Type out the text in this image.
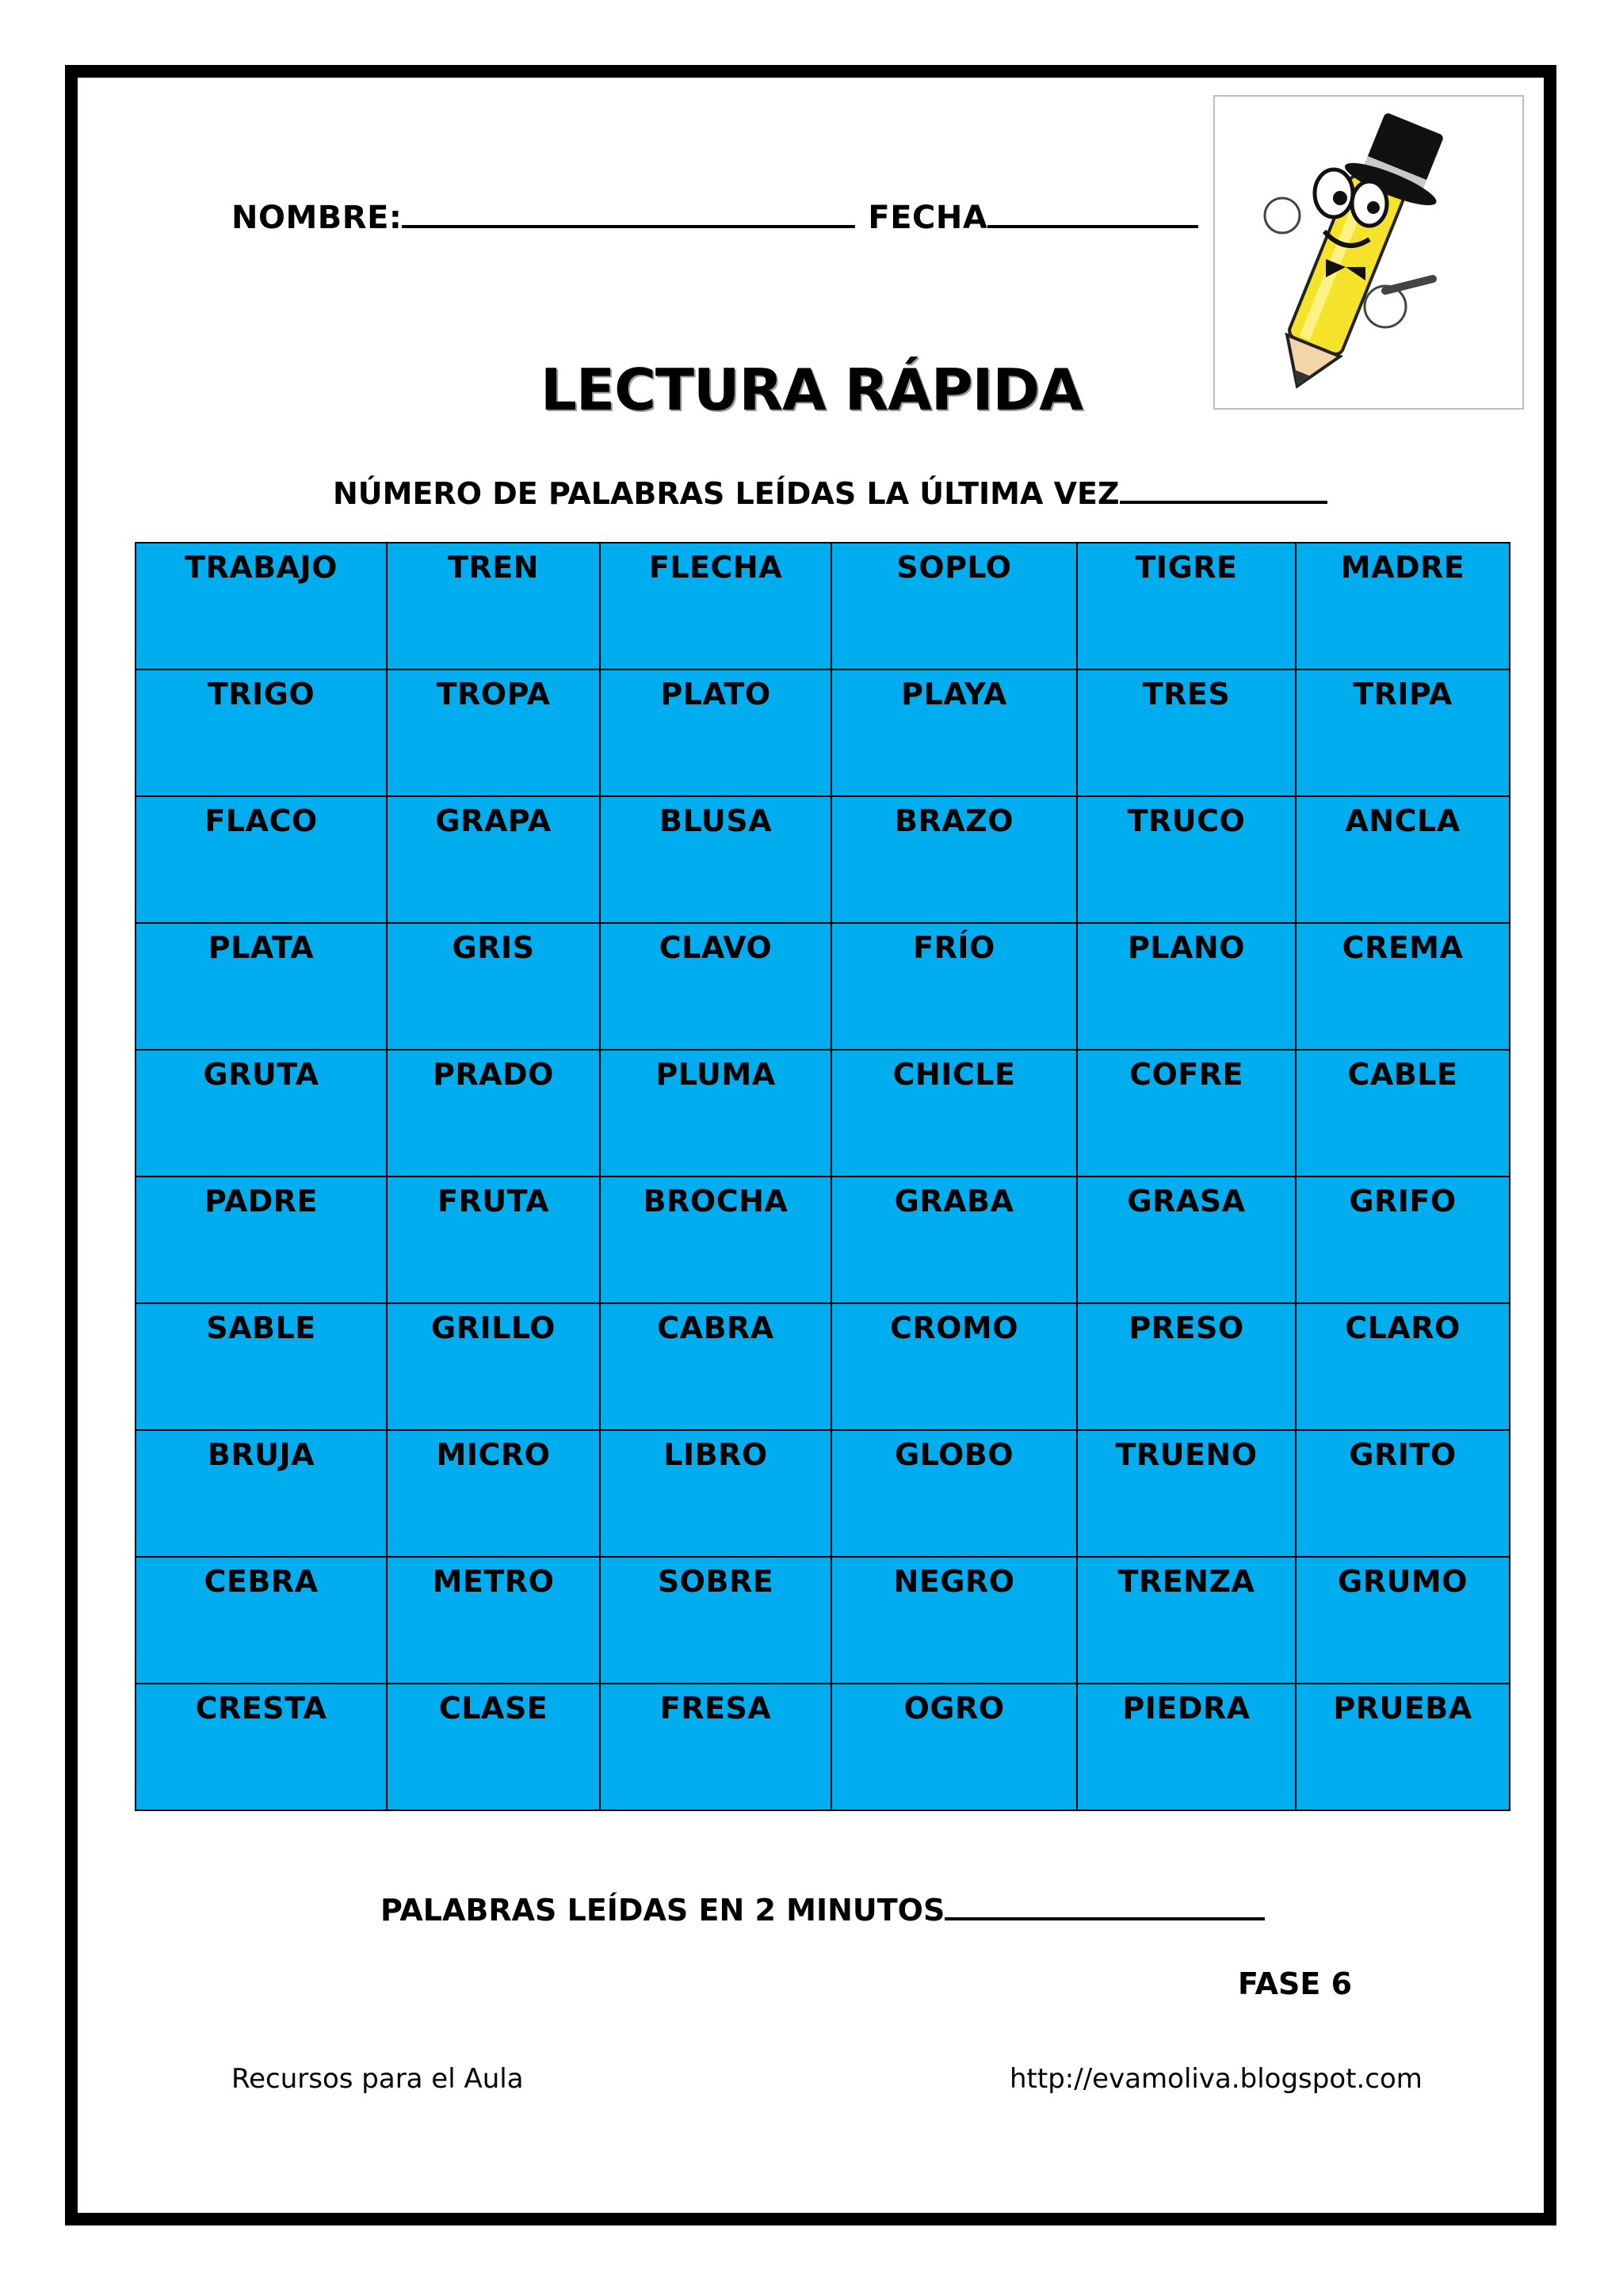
NOMBRE:	FECHA
LECTURA RÁPIDA
NÚMERO DE PALABRAS LEÍDAS LA ÚLTIMA VEZ
TRABAJO	TREN	FLECHA	SOPLO	TIGRE	MADRE
TRIGO	TROPA	PLATO	PLAYA	TRES	TRIPA
FLACO	GRAPA	BLUSA	BRAZO	TRUCO	ANCLA
PLATA	GRIS	CLAVO	FRÍO	PLANO	CREMA
GRUTA	PRADO	PLUMA	CHICLE	COFRE	CABLE
PADRE	FRUTA	BROCHA	GRABA	GRASA	GRIFO
SABLE	GRILLO	CABRA	CROMO	PRESO	CLARO
BRUJA	MICRO	LIBRO	GLOBO	TRUENO	GRITO
CEBRA	METRO	SOBRE	NEGRO	TRENZA	GRUMO
CRESTA	CLASE	FRESA	OGRO	PIEDRA	PRUEBA
PALABRAS LEÍDAS EN 2 MINUTOS
FASE 6
Recursos para el Aula	http://evamoliva.blogspot.com
